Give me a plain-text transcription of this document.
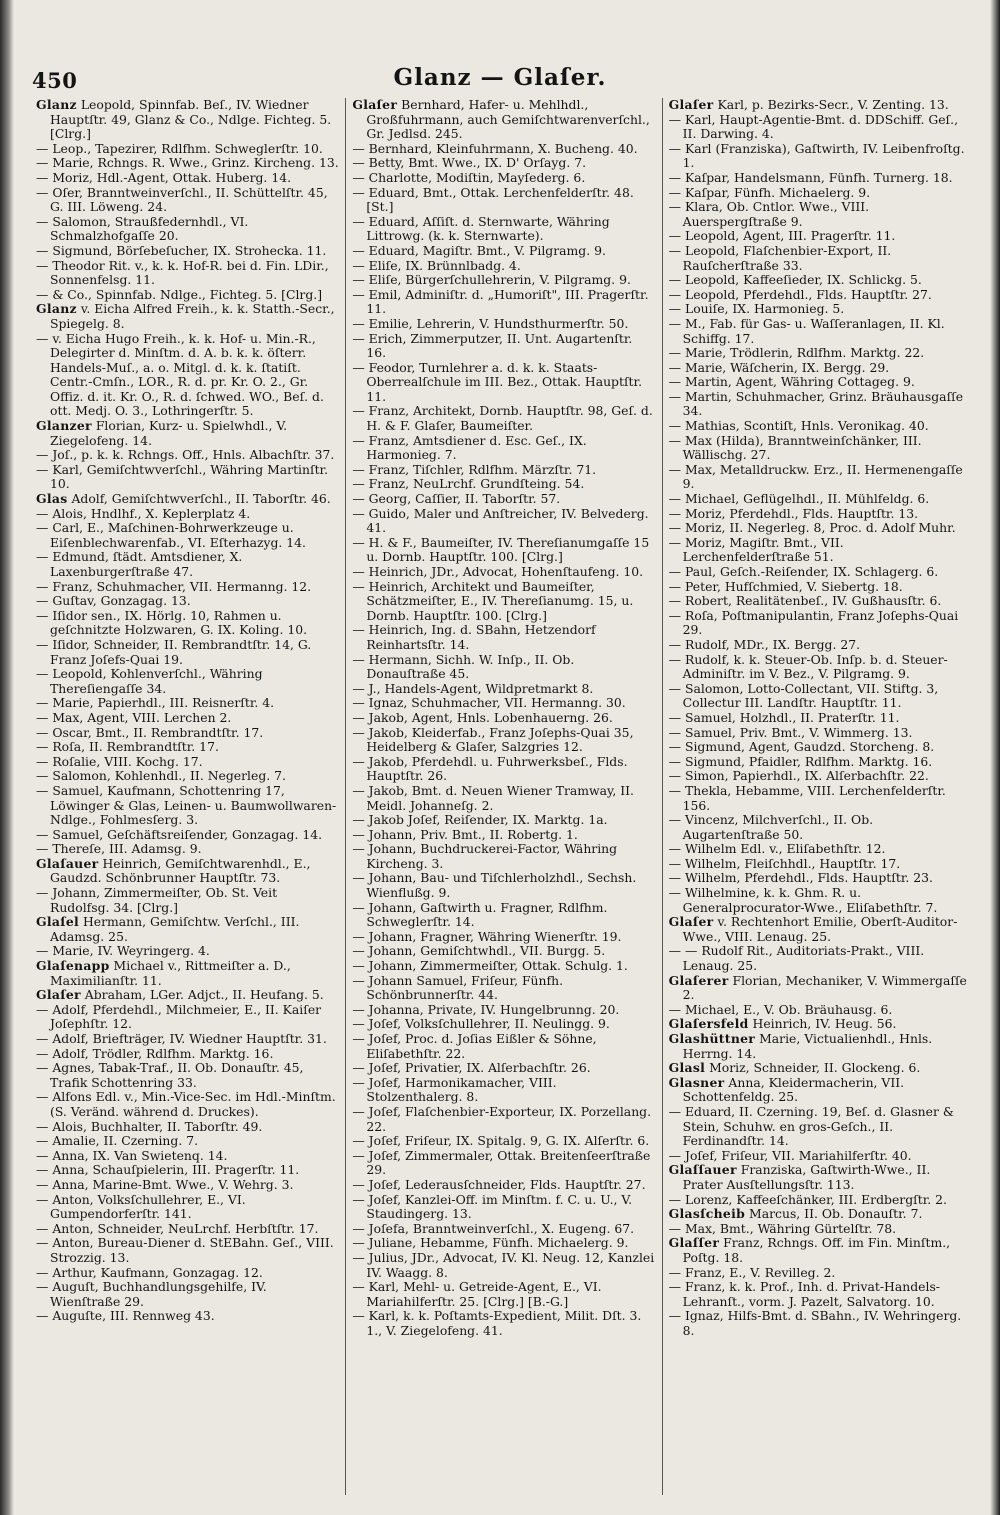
450	Glanz — Glaſer.

Glanz Leopold, Spinnfab. Beſ., IV. Wiedner Hauptſtr. 49, Glanz & Co., Ndlge. Fichteg. 5. [Clrg.]

— Leop., Tapezirer, Rdlfhm. Schweglerſtr. 10.

— Marie, Rchngs. R. Wwe., Grinz. Kircheng. 13.

— Moriz, Hdl.-Agent, Ottak. Huberg. 14.

— Oſer, Branntweinverſchl., II. Schüttelſtr. 45, G. III. Löweng. 24.

— Salomon, Straußfedernhdl., VI. Schmalzhofgaſſe 20.

— Sigmund, Börſebeſucher, IX. Strohecka. 11.

— Theodor Rit. v., k. k. Hof-R. bei d. Fin. LDir., Sonnenfelsg. 11.

— & Co., Spinnfab. Ndlge., Fichteg. 5. [Clrg.]

Glanz v. Eicha Alfred Freih., k. k. Statth.-Secr., Spiegelg. 8.

— v. Eicha Hugo Freih., k. k. Hof- u. Min.-R., Delegirter d. Minſtm. d. A. b. k. k. öſterr. Handels-Muſ., a. o. Mitgl. d. k. k. ſtatiſt. Centr.-Cmſn., LOR., R. d. pr. Kr. O. 2., Gr. Offiz. d. it. Kr. O., R. d. ſchwed. WO., Beſ. d. ott. Medj. O. 3., Lothringerſtr. 5.

Glanzer Florian, Kurz- u. Spielwhdl., V. Ziegelofeng. 14.

— Joſ., p. k. k. Rchngs. Off., Hnls. Albachſtr. 37.

— Karl, Gemiſchtwverſchl., Währing Martinſtr. 10.

Glas Adolf, Gemiſchtwverſchl., II. Taborſtr. 46.

— Alois, Hndlhf., X. Keplerplatz 4.

— Carl, E., Maſchinen-Bohrwerkzeuge u. Eiſenblechwarenfab., VI. Eſterhazyg. 14.

— Edmund, ſtädt. Amtsdiener, X. Laxenburgerſtraße 47.

— Franz, Schuhmacher, VII. Hermanng. 12.

— Guſtav, Gonzagag. 13.

— Iſidor sen., IX. Hörlg. 10, Rahmen u. geſchnitzte Holzwaren, G. IX. Koling. 10.

— Iſidor, Schneider, II. Rembrandtſtr. 14, G. Franz Joſefs-Quai 19.

— Leopold, Kohlenverſchl., Währing Thereſiengaſſe 34.

— Marie, Papierhdl., III. Reisnerſtr. 4.

— Max, Agent, VIII. Lerchen 2.

— Oscar, Bmt., II. Rembrandtſtr. 17.

— Roſa, II. Rembrandtſtr. 17.

— Roſalie, VIII. Kochg. 17.

— Salomon, Kohlenhdl., II. Negerleg. 7.

— Samuel, Kaufmann, Schottenring 17, Löwinger & Glas, Leinen- u. Baumwollwaren-Ndlge., Fohlmesſerg. 3.

— Samuel, Geſchäftsreiſender, Gonzagag. 14.

— Thereſe, III. Adamsg. 9.

Glaſauer Heinrich, Gemiſchtwarenhdl., E., Gaudzd. Schönbrunner Hauptſtr. 73.

— Johann, Zimmermeiſter, Ob. St. Veit Rudolfsg. 34. [Clrg.]

Glaſel Hermann, Gemiſchtw. Verſchl., III. Adamsg. 25.

— Marie, IV. Weyringerg. 4.

Glaſenapp Michael v., Rittmeiſter a. D., Maximilianſtr. 11.

Glaſer Abraham, LGer. Adjct., II. Heufang. 5.

— Adolf, Pferdehdl., Milchmeier, E., II. Kaiſer Joſephſtr. 12.

— Adolf, Briefträger, IV. Wiedner Hauptſtr. 31.

— Adolf, Trödler, Rdlfhm. Marktg. 16.

— Agnes, Tabak-Traf., II. Ob. Donauſtr. 45, Trafik Schottenring 33.

— Alfons Edl. v., Min.-Vice-Sec. im Hdl.-Minſtm. (S. Veränd. während d. Druckes).

— Alois, Buchhalter, II. Taborſtr. 49.

— Amalie, II. Czerning. 7.

— Anna, IX. Van Swietenq. 14.

— Anna, Schauſpielerin, III. Pragerſtr. 11.

— Anna, Marine-Bmt. Wwe., V. Wehrg. 3.

— Anton, Volksſchullehrer, E., VI. Gumpendorferſtr. 141.

— Anton, Schneider, NeuLrchf. Herbſtſtr. 17.

— Anton, Bureau-Diener d. StEBahn. Geſ., VIII. Strozzig. 13.

— Arthur, Kaufmann, Gonzagag. 12.

— Auguſt, Buchhandlungsgehilfe, IV. Wienſtraße 29.

— Auguſte, III. Rennweg 43.

Glaſer Bernhard, Hafer- u. Mehlhdl., Großfuhrmann, auch Gemiſchtwarenverſchl., Gr. Jedlsd. 245.

— Bernhard, Kleinfuhrmann, X. Bucheng. 40.

— Betty, Bmt. Wwe., IX. D' Orſayg. 7.

— Charlotte, Modiſtin, Mayſederg. 6.

— Eduard, Bmt., Ottak. Lerchenfelderſtr. 48. [St.]

— Eduard, Aſſiſt. d. Sternwarte, Währing Littrowg. (k. k. Sternwarte).

— Eduard, Magiſtr. Bmt., V. Pilgramg. 9.

— Eliſe, IX. Brünnlbadg. 4.

— Eliſe, Bürgerſchullehrerin, V. Pilgramg. 9.

— Emil, Adminiſtr. d. „Humoriſt", III. Pragerſtr. 11.

— Emilie, Lehrerin, V. Hundsthurmerſtr. 50.

— Erich, Zimmerputzer, II. Unt. Augartenſtr. 16.

— Feodor, Turnlehrer a. d. k. k. Staats-Oberrealſchule im III. Bez., Ottak. Hauptſtr. 11.

— Franz, Architekt, Dornb. Hauptſtr. 98, Geſ. d. H. & F. Glaſer, Baumeiſter.

— Franz, Amtsdiener d. Esc. Geſ., IX. Harmonieg. 7.

— Franz, Tiſchler, Rdlfhm. Märzſtr. 71.

— Franz, NeuLrchf. Grundſteing. 54.

— Georg, Caſſier, II. Taborſtr. 57.

— Guido, Maler und Anſtreicher, IV. Belvederg. 41.

— H. & F., Baumeiſter, IV. Thereſianumgaſſe 15 u. Dornb. Hauptſtr. 100. [Clrg.]

— Heinrich, JDr., Advocat, Hohenſtaufeng. 10.

— Heinrich, Architekt und Baumeiſter, Schätzmeiſter, E., IV. Thereſianumg. 15, u. Dornb. Hauptſtr. 100. [Clrg.]

— Heinrich, Ing. d. SBahn, Hetzendorf Reinhartsſtr. 14.

— Hermann, Sichh. W. Inſp., II. Ob. Donauſtraße 45.

— J., Handels-Agent, Wildpretmarkt 8.

— Ignaz, Schuhmacher, VII. Hermanng. 30.

— Jakob, Agent, Hnls. Lobenhauerng. 26.

— Jakob, Kleiderfab., Franz Joſephs-Quai 35, Heidelberg & Glaſer, Salzgries 12.

— Jakob, Pferdehdl. u. Fuhrwerksbeſ., Flds. Hauptſtr. 26.

— Jakob, Bmt. d. Neuen Wiener Tramway, II. Meidl. Johanneſg. 2.

— Jakob Joſef, Reiſender, IX. Marktg. 1a.

— Johann, Priv. Bmt., II. Robertg. 1.

— Johann, Buchdruckerei-Factor, Währing Kircheng. 3.

— Johann, Bau- und Tiſchlerholzhdl., Sechsh. Wienflußg. 9.

— Johann, Gaſtwirth u. Fragner, Rdlfhm. Schweglerſtr. 14.

— Johann, Fragner, Währing Wienerſtr. 19.

— Johann, Gemiſchtwhdl., VII. Burgg. 5.

— Johann, Zimmermeiſter, Ottak. Schulg. 1.

— Johann Samuel, Friſeur, Fünfh. Schönbrunnerſtr. 44.

— Johanna, Private, IV. Hungelbrunng. 20.

— Joſef, Volksſchullehrer, II. Neulingg. 9.

— Joſef, Proc. d. Joſias Eißler & Söhne, Eliſabethſtr. 22.

— Joſef, Privatier, IX. Alſerbachſtr. 26.

— Joſef, Harmonikamacher, VIII. Stolzenthalerg. 8.

— Joſef, Flaſchenbier-Exporteur, IX. Porzellang. 22.

— Joſef, Friſeur, IX. Spitalg. 9, G. IX. Alſerſtr. 6.

— Joſef, Zimmermaler, Ottak. Breitenſeerſtraße 29.

— Joſef, Lederausſchneider, Flds. Hauptſtr. 27.

— Joſef, Kanzlei-Off. im Minſtm. f. C. u. U., V. Staudingerg. 13.

— Joſefa, Branntweinverſchl., X. Eugeng. 67.

— Juliane, Hebamme, Fünfh. Michaelerg. 9.

— Julius, JDr., Advocat, IV. Kl. Neug. 12, Kanzlei IV. Waagg. 8.

— Karl, Mehl- u. Getreide-Agent, E., VI. Mariahilferſtr. 25. [Clrg.] [B.-G.]

— Karl, k. k. Poſtamts-Expedient, Milit. Dſt. 3. 1., V. Ziegelofeng. 41.

Glaſer Karl, p. Bezirks-Secr., V. Zenting. 13.

— Karl, Haupt-Agentie-Bmt. d. DDSchiff. Geſ., II. Darwing. 4.

— Karl (Franziska), Gaſtwirth, IV. Leibenfroſtg. 1.

— Kaſpar, Handelsmann, Fünfh. Turnerg. 18.

— Kaſpar, Fünfh. Michaelerg. 9.

— Klara, Ob. Cntlor. Wwe., VIII. Auerspergſtraße 9.

— Leopold, Agent, III. Pragerſtr. 11.

— Leopold, Flaſchenbier-Export, II. Rauſcherſtraße 33.

— Leopold, Kaffeeſieder, IX. Schlickg. 5.

— Leopold, Pferdehdl., Flds. Hauptſtr. 27.

— Louiſe, IX. Harmonieg. 5.

— M., Fab. für Gas- u. Waſſeranlagen, II. Kl. Schiffg. 17.

— Marie, Trödlerin, Rdlfhm. Marktg. 22.

— Marie, Wäſcherin, IX. Bergg. 29.

— Martin, Agent, Währing Cottageg. 9.

— Martin, Schuhmacher, Grinz. Bräuhausgaſſe 34.

— Mathias, Scontiſt, Hnls. Veronikag. 40.

— Max (Hilda), Branntweinſchänker, III. Wällischg. 27.

— Max, Metalldruckw. Erz., II. Hermenengaſſe 9.

— Michael, Geflügelhdl., II. Mühlfeldg. 6.

— Moriz, Pferdehdl., Flds. Hauptſtr. 13.

— Moriz, II. Negerleg. 8, Proc. d. Adolf Muhr.

— Moriz, Magiſtr. Bmt., VII. Lerchenfelderſtraße 51.

— Paul, Geſch.-Reiſender, IX. Schlagerg. 6.

— Peter, Hufſchmied, V. Siebertg. 18.

— Robert, Realitätenbeſ., IV. Gußhausſtr. 6.

— Roſa, Poſtmanipulantin, Franz Joſephs-Quai 29.

— Rudolf, MDr., IX. Bergg. 27.

— Rudolf, k. k. Steuer-Ob. Inſp. b. d. Steuer-Adminiſtr. im V. Bez., V. Pilgramg. 9.

— Salomon, Lotto-Collectant, VII. Stiftg. 3, Collectur III. Landſtr. Hauptſtr. 11.

— Samuel, Holzhdl., II. Praterſtr. 11.

— Samuel, Priv. Bmt., V. Wimmerg. 13.

— Sigmund, Agent, Gaudzd. Storcheng. 8.

— Sigmund, Pfaidler, Rdlfhm. Marktg. 16.

— Simon, Papierhdl., IX. Alſerbachſtr. 22.

— Thekla, Hebamme, VIII. Lerchenfelderſtr. 156.

— Vincenz, Milchverſchl., II. Ob. Augartenſtraße 50.

— Wilhelm Edl. v., Eliſabethſtr. 12.

— Wilhelm, Fleiſchhdl., Hauptſtr. 17.

— Wilhelm, Pferdehdl., Flds. Hauptſtr. 23.

— Wilhelmine, k. k. Ghm. R. u. Generalprocurator-Wwe., Eliſabethſtr. 7.

Glaſer v. Rechtenhort Emilie, Oberſt-Auditor-Wwe., VIII. Lenaug. 25.

— — Rudolf Rit., Auditoriats-Prakt., VIII. Lenaug. 25.

Glaſerer Florian, Mechaniker, V. Wimmergaſſe 2.

— Michael, E., V. Ob. Bräuhausg. 6.

Glaſersfeld Heinrich, IV. Heug. 56.

Glashüttner Marie, Victualienhdl., Hnls. Herrng. 14.

Glasl Moriz, Schneider, II. Glockeng. 6.

Glasner Anna, Kleidermacherin, VII. Schottenfeldg. 25.

— Eduard, II. Czerning. 19, Beſ. d. Glasner & Stein, Schuhw. en gros-Geſch., II. Ferdinandſtr. 14.

— Joſef, Friſeur, VII. Mariahilferſtr. 40.

Glaſſauer Franziska, Gaſtwirth-Wwe., II. Prater Ausſtellungsſtr. 113.

— Lorenz, Kaffeeſchänker, III. Erdbergſtr. 2.

Glasſcheib Marcus, II. Ob. Donauſtr. 7.

— Max, Bmt., Währing Gürtelſtr. 78.

Glaſſer Franz, Rchngs. Off. im Fin. Minſtm., Poſtg. 18.

— Franz, E., V. Revilleg. 2.

— Franz, k. k. Prof., Inh. d. Privat-Handels-Lehranſt., vorm. J. Pazelt, Salvatorg. 10.

— Ignaz, Hilfs-Bmt. d. SBahn., IV. Wehringerg. 8.
